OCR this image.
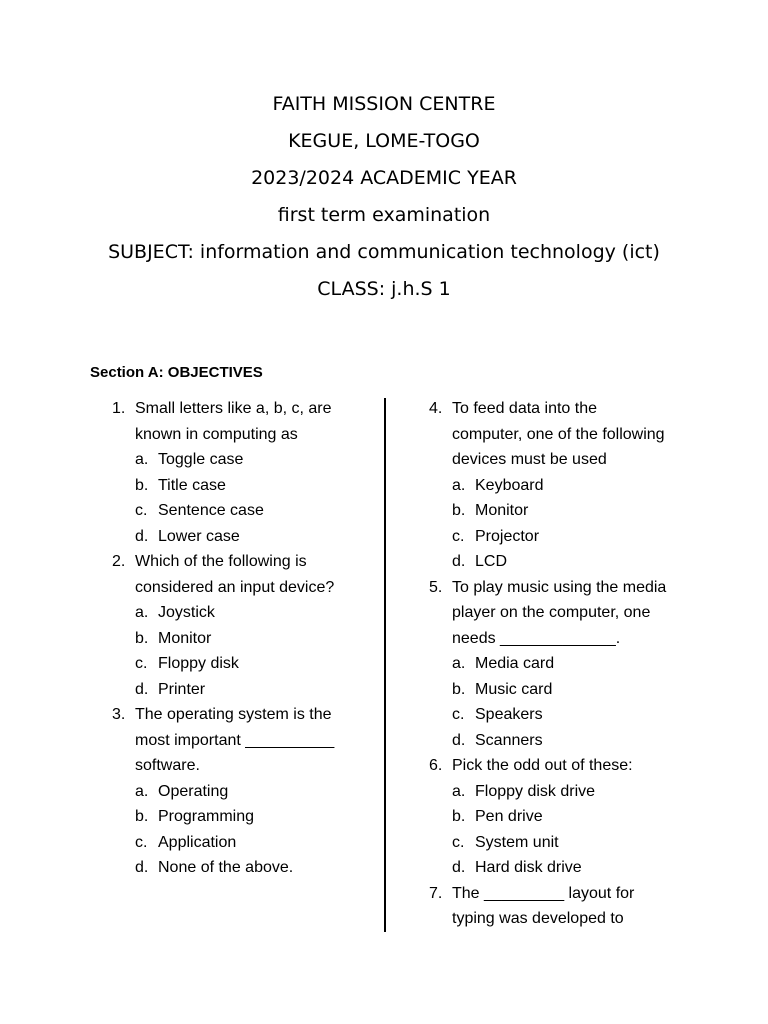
FAITH MISSION CENTRE
KEGUE, LOME-TOGO
2023/2024 ACADEMIC YEAR
first term examination
SUBJECT: information and communication technology (ict)
CLASS: j.h.S 1
Section A: OBJECTIVES
1. Small letters like a, b, c, are
known in computing as
a. Toggle case
b. Title case
c. Sentence case
d. Lower case
2. Which of the following is
considered an input device?
a. Joystick
b. Monitor
c. Floppy disk
d. Printer
3. The operating system is the
most important __________
software.
a. Operating
b. Programming
c. Application
d. None of the above.
4. To feed data into the
computer, one of the following
devices must be used
a. Keyboard
b. Monitor
c. Projector
d. LCD
5. To play music using the media
player on the computer, one
needs _____________.
a. Media card
b. Music card
c. Speakers
d. Scanners
6. Pick the odd out of these:
a. Floppy disk drive
b. Pen drive
c. System unit
d. Hard disk drive
7. The _________ layout for
typing was developed to
